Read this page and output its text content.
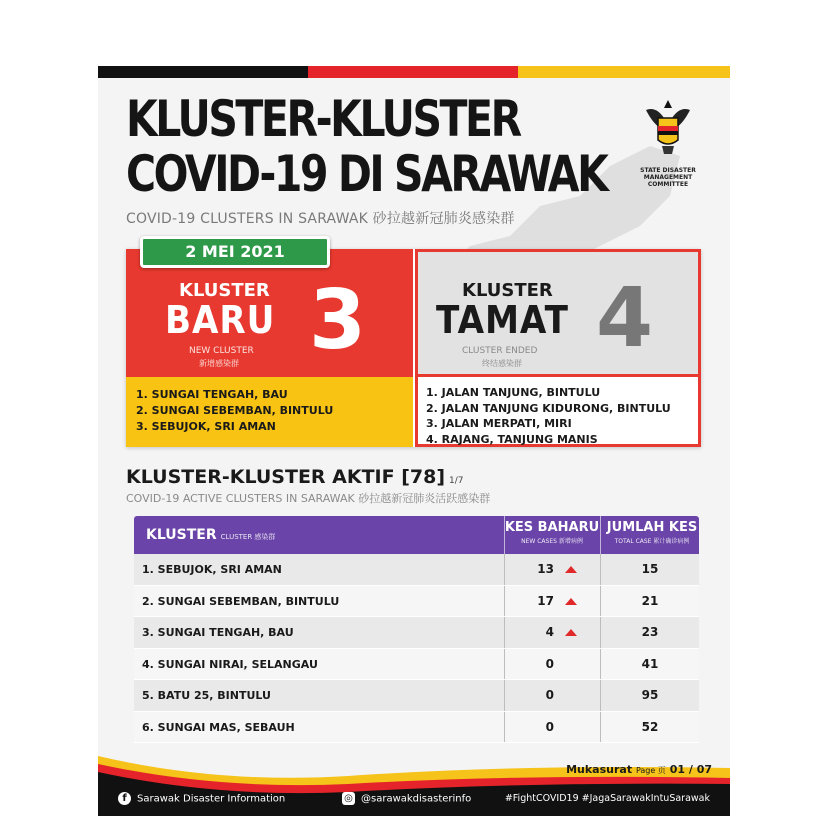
KLUSTER-KLUSTER
COVID-19 DI SARAWAK
COVID-19 CLUSTERS IN SARAWAK 砂拉越新冠肺炎感染群
STATE DISASTER MANAGEMENT COMMITTEE
2 MEI 2021
KLUSTER
BARU
NEW CLUSTER
新增感染群 3
1. SUNGAI TENGAH, BAU
2. SUNGAI SEBEMBAN, BINTULU
3. SEBUJOK, SRI AMAN
KLUSTER
TAMAT
CLUSTER ENDED
终结感染群 4
1. JALAN TANJUNG, BINTULU
2. JALAN TANJUNG KIDURONG, BINTULU
3. JALAN MERPATI, MIRI
4. RAJANG, TANJUNG MANIS
KLUSTER-KLUSTER AKTIF [78] 1/7
COVID-19 ACTIVE CLUSTERS IN SARAWAK 砂拉越新冠肺炎活跃感染群
KLUSTER CLUSTER 感染群
KES BAHARU
NEW CASES 新增病例
JUMLAH KES
TOTAL CASE 累计确诊病例
1. SEBUJOK, SRI AMAN	13	15
2. SUNGAI SEBEMBAN, BINTULU	17	21
3. SUNGAI TENGAH, BAU	4	23
4. SUNGAI NIRAI, SELANGAU	0	41
5. BATU 25, BINTULU	0	95
6. SUNGAI MAS, SEBAUH	0	52
Mukasurat Page 页 01 / 07
f Sarawak Disaster Information	◎ @sarawakdisasterinfo	#FightCOVID19 #JagaSarawakIntuSarawak
